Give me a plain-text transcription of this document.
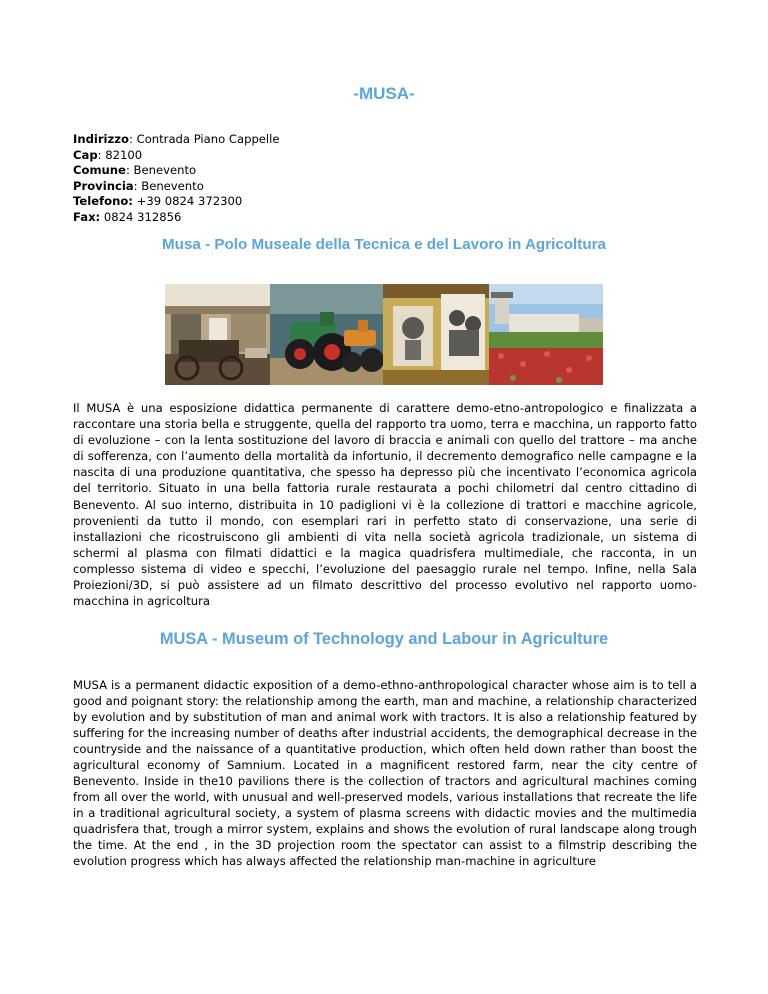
-MUSA-
Indirizzo: Contrada Piano Cappelle
Cap: 82100
Comune: Benevento
Provincia: Benevento
Telefono: +39 0824 372300
Fax: 0824 312856
Musa - Polo Museale della Tecnica e del Lavoro in Agricoltura
Il MUSA è una esposizione didattica permanente di carattere demo-etno-antropologico e finalizzata a raccontare una storia bella e struggente, quella del rapporto tra uomo, terra e macchina, un rapporto fatto di evoluzione – con la lenta sostituzione del lavoro di braccia e animali con quello del trattore – ma anche di sofferenza, con l’aumento della mortalità da infortunio, il decremento demografico nelle campagne e la nascita di una produzione quantitativa, che spesso ha depresso più che incentivato l’economica agricola del territorio. Situato in una bella fattoria rurale restaurata a pochi chilometri dal centro cittadino di Benevento. Al suo interno, distribuita in 10 padiglioni vi è la collezione di trattori e macchine agricole, provenienti da tutto il mondo, con esemplari rari in perfetto stato di conservazione, una serie di installazioni che ricostruiscono gli ambienti di vita nella società agricola tradizionale, un sistema di schermi al plasma con filmati didattici e la magica quadrisfera multimediale, che racconta, in un complesso sistema di video e specchi, l’evoluzione del paesaggio rurale nel tempo. Infine, nella Sala Proiezioni/3D, si può assistere ad un filmato descrittivo del processo evolutivo nel rapporto uomo-macchina in agricoltura
MUSA - Museum of Technology and Labour in Agriculture
MUSA is a permanent didactic exposition of a demo-ethno-anthropological character whose aim is to tell a good and poignant story: the relationship among the earth, man and machine, a relationship characterized by evolution and by substitution of man and animal work with tractors. It is also a relationship featured by suffering for the increasing number of deaths after industrial accidents, the demographical decrease in the countryside and the naissance of a quantitative production, which often held down rather than boost the agricultural economy of Samnium. Located in a magnificent restored farm, near the city centre of Benevento. Inside in the10 pavilions there is the collection of tractors and agricultural machines coming from all over the world, with unusual and well-preserved models, various installations that recreate the life in a traditional agricultural society, a system of plasma screens with didactic movies and the multimedia quadrisfera that, trough a mirror system, explains and shows the evolution of rural landscape along trough the time. At the end , in the 3D projection room the spectator can assist to a filmstrip describing the evolution progress which has always affected the relationship man-machine in agriculture
